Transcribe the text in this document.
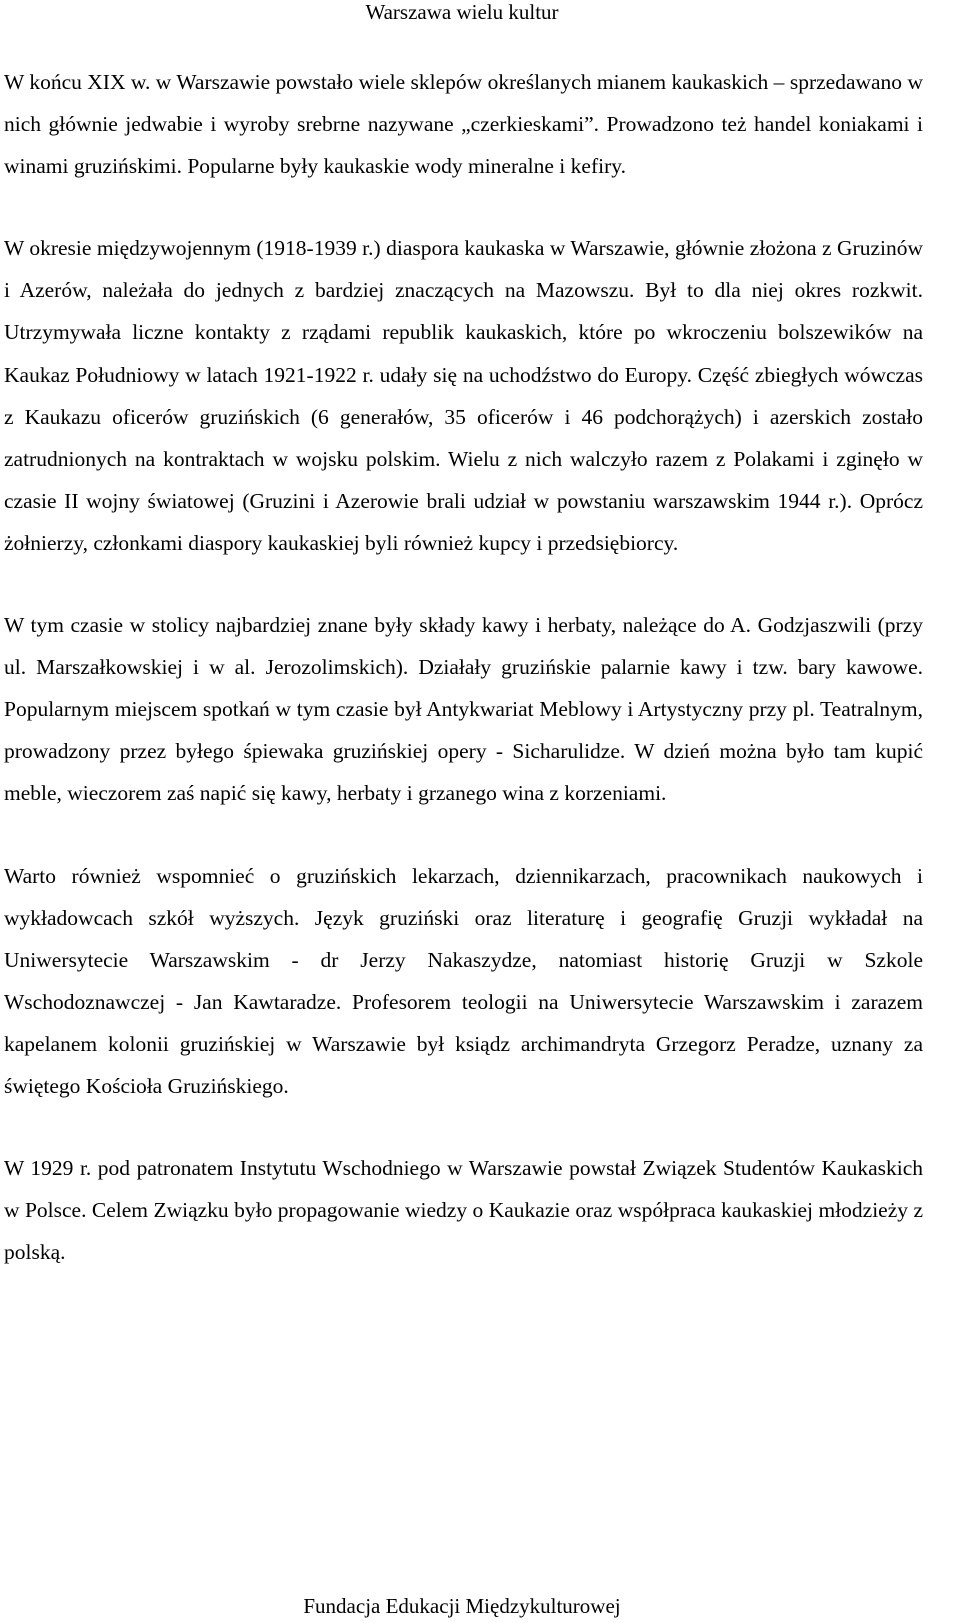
Warszawa wielu kultur

W końcu XIX w. w Warszawie powstało wiele sklepów określanych mianem kaukaskich – sprzedawano w nich głównie jedwabie i wyroby srebrne nazywane „czerkieskami”. Prowadzono też handel koniakami i winami gruzińskimi. Popularne były kaukaskie wody mineralne i kefiry.

W okresie międzywojennym (1918-1939 r.) diaspora kaukaska w Warszawie, głównie złożona z Gruzinów i Azerów, należała do jednych z bardziej znaczących na Mazowszu. Był to dla niej okres rozkwit. Utrzymywała liczne kontakty z rządami republik kaukaskich, które po wkroczeniu bolszewików na Kaukaz Południowy w latach 1921-1922 r. udały się na uchodźstwo do Europy. Część zbiegłych wówczas z Kaukazu oficerów gruzińskich (6 generałów, 35 oficerów i 46 podchorążych) i azerskich zostało zatrudnionych na kontraktach w wojsku polskim. Wielu z nich walczyło razem z Polakami i zginęło w czasie II wojny światowej (Gruzini i Azerowie brali udział w powstaniu warszawskim 1944 r.). Oprócz żołnierzy, członkami diaspory kaukaskiej byli również kupcy i przedsiębiorcy.

W tym czasie w stolicy najbardziej znane były składy kawy i herbaty, należące do A. Godzjaszwili (przy ul. Marszałkowskiej i w al. Jerozolimskich). Działały gruzińskie palarnie kawy i tzw. bary kawowe. Popularnym miejscem spotkań w tym czasie był Antykwariat Meblowy i Artystyczny przy pl. Teatralnym, prowadzony przez byłego śpiewaka gruzińskiej opery - Sicharulidze. W dzień można było tam kupić meble, wieczorem zaś napić się kawy, herbaty i grzanego wina z korzeniami.

Warto również wspomnieć o gruzińskich lekarzach, dziennikarzach, pracownikach naukowych i wykładowcach szkół wyższych. Język gruziński oraz literaturę i geografię Gruzji wykładał na Uniwersytecie Warszawskim - dr Jerzy Nakaszydze, natomiast historię Gruzji w Szkole Wschodoznawczej - Jan Kawtaradze. Profesorem teologii na Uniwersytecie Warszawskim i zarazem kapelanem kolonii gruzińskiej w Warszawie był ksiądz archimandryta Grzegorz Peradze, uznany za świętego Kościoła Gruzińskiego.

W 1929 r. pod patronatem Instytutu Wschodniego w Warszawie powstał Związek Studentów Kaukaskich w Polsce. Celem Związku było propagowanie wiedzy o Kaukazie oraz współpraca kaukaskiej młodzieży z polską.

Fundacja Edukacji Międzykulturowej
